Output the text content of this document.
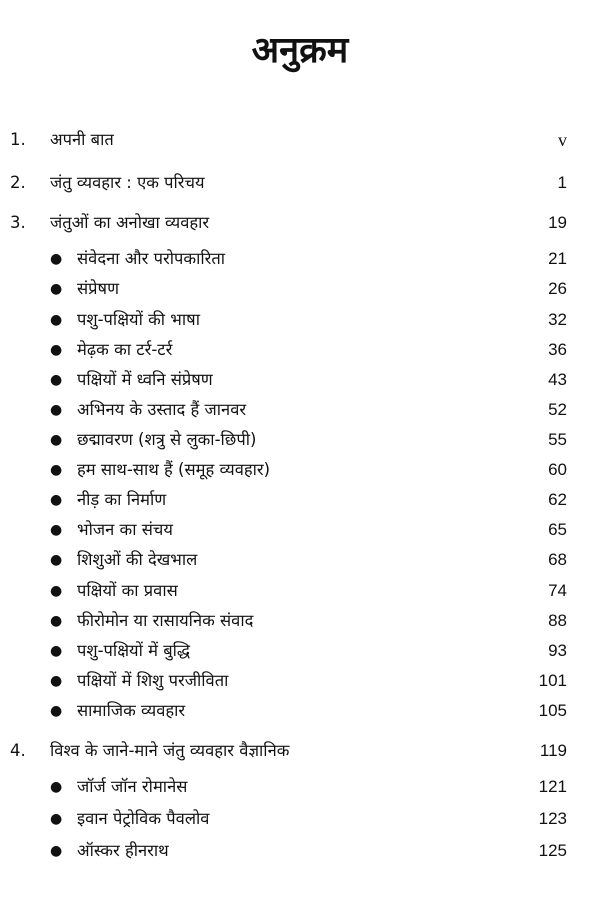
अनुक्रम
1. अपनी बात	v
2. जंतु व्यवहार : एक परिचय	1
3. जंतुओं का अनोखा व्यवहार	19
● संवेदना और परोपकारिता	21
● संप्रेषण	26
● पशु-पक्षियों की भाषा	32
● मेढ़क का टर्र-टर्र	36
● पक्षियों में ध्वनि संप्रेषण	43
● अभिनय के उस्ताद हैं जानवर	52
● छद्मावरण (शत्रु से लुका-छिपी)	55
● हम साथ-साथ हैं (समूह व्यवहार)	60
● नीड़ का निर्माण	62
● भोजन का संचय	65
● शिशुओं की देखभाल	68
● पक्षियों का प्रवास	74
● फीरोमोन या रासायनिक संवाद	88
● पशु-पक्षियों में बुद्धि	93
● पक्षियों में शिशु परजीविता	101
● सामाजिक व्यवहार	105
4. विश्व के जाने-माने जंतु व्यवहार वैज्ञानिक	119
● जॉर्ज जॉन रोमानेस	121
● इवान पेट्रोविक पैवलोव	123
● ऑस्कर हीनराथ	125
